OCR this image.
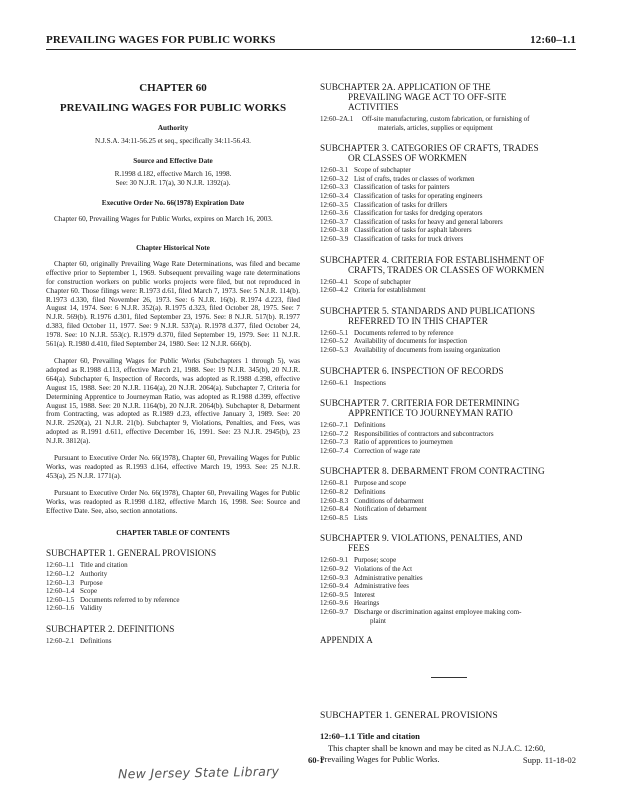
PREVAILING WAGES FOR PUBLIC WORKS	12:60–1.1
CHAPTER 60
PREVAILING WAGES FOR PUBLIC WORKS
Authority
N.J.S.A. 34:11-56.25 et seq., specifically 34:11-56.43.
Source and Effective Date
R.1998 d.182, effective March 16, 1998.
See: 30 N.J.R. 17(a), 30 N.J.R. 1392(a).
Executive Order No. 66(1978) Expiration Date
Chapter 60, Prevailing Wages for Public Works, expires on March 16, 2003.
Chapter Historical Note
Chapter 60, originally Prevailing Wage Rate Determinations, was filed and became effective prior to September 1, 1969. Subsequent prevailing wage rate determinations for construction workers on public works projects were filed, but not reproduced in Chapter 60. Those filings were: R.1973 d.61, filed March 7, 1973. See: 5 N.J.R. 114(b). R.1973 d.330, filed November 26, 1973. See: 6 N.J.R. 16(b). R.1974 d.223, filed August 14, 1974. See: 6 N.J.R. 352(a). R.1975 d.323, filed October 28, 1975. See: 7 N.J.R. 569(b). R.1976 d.301, filed September 23, 1976. See: 8 N.J.R. 517(b). R.1977 d.383, filed October 11, 1977. See: 9 N.J.R. 537(a). R.1978 d.377, filed October 24, 1978. See: 10 N.J.R. 553(c). R.1979 d.370, filed September 19, 1979. See: 11 N.J.R. 561(a). R.1980 d.410, filed September 24, 1980. See: 12 N.J.R. 666(b).
Chapter 60, Prevailing Wages for Public Works (Subchapters 1 through 5), was adopted as R.1988 d.113, effective March 21, 1988. See: 19 N.J.R. 345(b), 20 N.J.R. 664(a). Subchapter 6, Inspection of Records, was adopted as R.1988 d.398, effective August 15, 1988. See: 20 N.J.R. 1164(a), 20 N.J.R. 2064(a). Subchapter 7, Criteria for Determining Apprentice to Journeyman Ratio, was adopted as R.1988 d.399, effective August 15, 1988. See: 20 N.J.R. 1164(b), 20 N.J.R. 2064(b). Subchapter 8, Debarment from Contracting, was adopted as R.1989 d.23, effective January 3, 1989. See: 20 N.J.R. 2520(a), 21 N.J.R. 21(b). Subchapter 9, Violations, Penalties, and Fees, was adopted as R.1991 d.611, effective December 16, 1991. See: 23 N.J.R. 2945(b), 23 N.J.R. 3812(a).
Pursuant to Executive Order No. 66(1978), Chapter 60, Prevailing Wages for Public Works, was readopted as R.1993 d.164, effective March 19, 1993. See: 25 N.J.R. 453(a), 25 N.J.R. 1771(a).
Pursuant to Executive Order No. 66(1978), Chapter 60, Prevailing Wages for Public Works, was readopted as R.1998 d.182, effective March 16, 1998. See: Source and Effective Date. See, also, section annotations.
CHAPTER TABLE OF CONTENTS
SUBCHAPTER 1. GENERAL PROVISIONS
12:60–1.1 Title and citation
12:60–1.2 Authority
12:60–1.3 Purpose
12:60–1.4 Scope
12:60–1.5 Documents referred to by reference
12:60–1.6 Validity
SUBCHAPTER 2. DEFINITIONS
12:60–2.1 Definitions
SUBCHAPTER 2A. APPLICATION OF THE
PREVAILING WAGE ACT TO OFF-SITE
ACTIVITIES
12:60–2A.1	Off-site manufacturing, custom fabrication, or furnishing of
materials, articles, supplies or equipment
SUBCHAPTER 3. CATEGORIES OF CRAFTS, TRADES
OR CLASSES OF WORKMEN
12:60–3.1 Scope of subchapter
12:60–3.2 List of crafts, trades or classes of workmen
12:60–3.3 Classification of tasks for painters
12:60–3.4 Classification of tasks for operating engineers
12:60–3.5 Classification of tasks for drillers
12:60–3.6 Classification for tasks for dredging operators
12:60–3.7 Classification of tasks for heavy and general laborers
12:60–3.8 Classification of tasks for asphalt laborers
12:60–3.9 Classification of tasks for truck drivers
SUBCHAPTER 4. CRITERIA FOR ESTABLISHMENT OF
CRAFTS, TRADES OR CLASSES OF WORKMEN
12:60–4.1 Scope of subchapter
12:60–4.2 Criteria for establishment
SUBCHAPTER 5. STANDARDS AND PUBLICATIONS
REFERRED TO IN THIS CHAPTER
12:60–5.1 Documents referred to by reference
12:60–5.2 Availability of documents for inspection
12:60–5.3 Availability of documents from issuing organization
SUBCHAPTER 6. INSPECTION OF RECORDS
12:60–6.1 Inspections
SUBCHAPTER 7. CRITERIA FOR DETERMINING
APPRENTICE TO JOURNEYMAN RATIO
12:60–7.1 Definitions
12:60–7.2 Responsibilities of contractors and subcontractors
12:60–7.3 Ratio of apprentices to journeymen
12:60–7.4 Correction of wage rate
SUBCHAPTER 8. DEBARMENT FROM CONTRACTING
12:60–8.1 Purpose and scope
12:60–8.2 Definitions
12:60–8.3 Conditions of debarment
12:60–8.4 Notification of debarment
12:60–8.5 Lists
SUBCHAPTER 9. VIOLATIONS, PENALTIES, AND
FEES
12:60–9.1 Purpose; scope
12:60–9.2 Violations of the Act
12:60–9.3 Administrative penalties
12:60–9.4 Administrative fees
12:60–9.5 Interest
12:60–9.6 Hearings
12:60–9.7 Discharge or discrimination against employee making com-
plaint
APPENDIX A
SUBCHAPTER 1. GENERAL PROVISIONS
12:60–1.1 Title and citation
This chapter shall be known and may be cited as N.J.A.C. 12:60, Prevailing Wages for Public Works.
New Jersey State Library
60-1	Supp. 11-18-02
